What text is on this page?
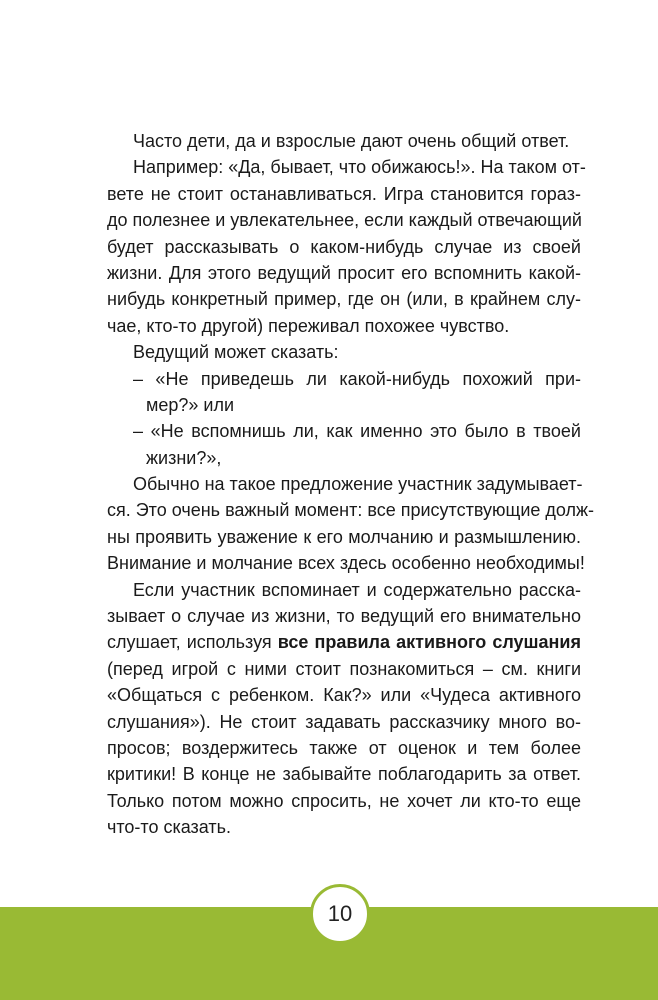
Часто дети, да и взрослые дают очень общий ответ.
Например: «Да, бывает, что обижаюсь!». На таком от-
вете не стоит останавливаться. Игра становится горaз-
до полезнее и увлекательнее, если каждый отвечающий
будет рассказывать о каком-нибудь случае из своей
жизни. Для этого ведущий просит его вспомнить какой-
нибудь конкретный пример, где он (или, в крайнем слу-
чае, кто-то другой) переживал похожее чувство.
Ведущий может сказать:
– «Не приведешь ли какой-нибудь похожий при-
мер?» или
– «Не вспомнишь ли, как именно это было в твоей
жизни?»,
Обычно на такое предложение участник задумывает-
ся. Это очень важный момент: все присутствующие долж-
ны проявить уважение к его молчанию и размышлению.
Внимание и молчание всех здесь особенно необходимы!
Если участник вспоминает и содержательно расска-
зывает о случае из жизни, то ведущий его внимательно
слушает, используя все правила активного слушания
(перед игрой с ними стоит познакомиться – см. книги
«Общаться с ребенком. Как?» или «Чудеса активного
слушания»). Не стоит задавать рассказчику много во-
просов; воздержитесь также от оценок и тем более
критики! В конце не забывайте поблагодарить за ответ.
Только потом можно спросить, не хочет ли кто-то еще
что-то сказать.
10
